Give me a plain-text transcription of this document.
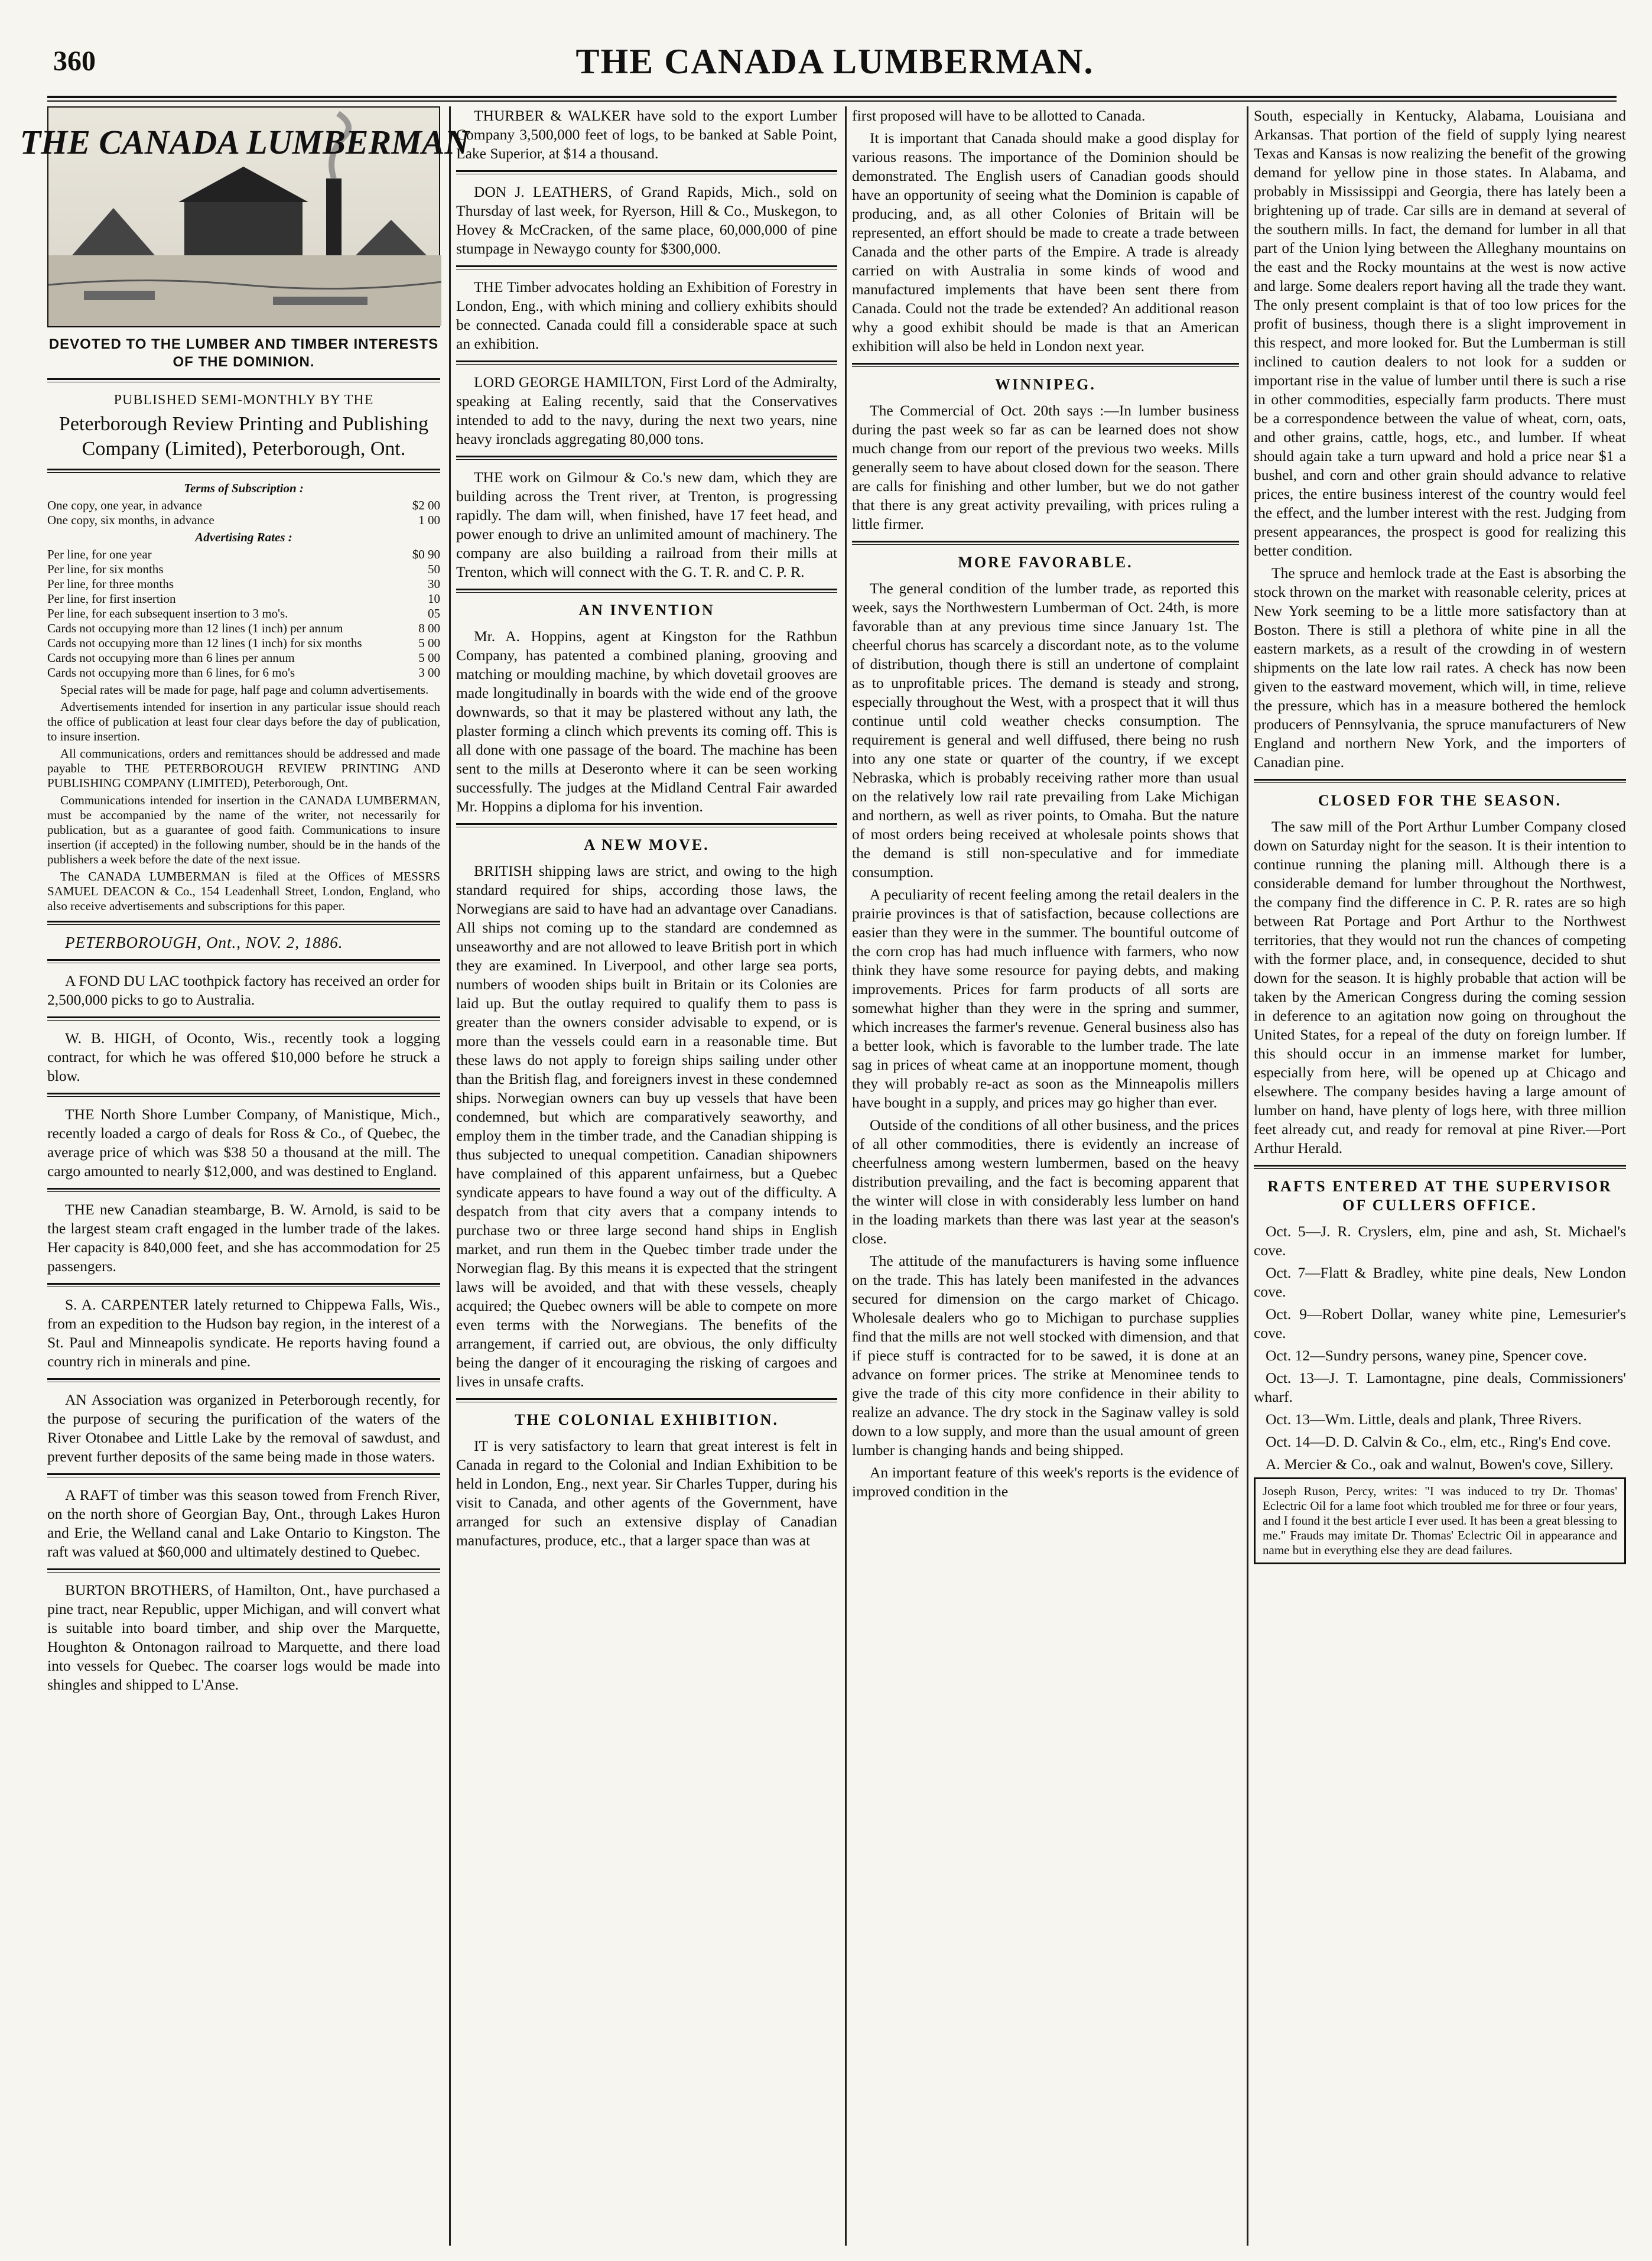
360	THE CANADA LUMBERMAN.
THE CANADA LUMBERMAN
DEVOTED TO THE LUMBER AND TIMBER INTERESTS OF THE DOMINION.
PUBLISHED SEMI-MONTHLY BY THE
Peterborough Review Printing and Publishing Company (Limited), Peterborough, Ont.
Terms of Subscription :
One copy, one year, in advance	$2 00
One copy, six months, in advance	1 00
Advertising Rates :
Per line, for one year	$0 90
Per line, for six months	50
Per line, for three months	30
Per line, for first insertion	10
Per line, for each subsequent insertion to 3 mo's.	05
Cards not occupying more than 12 lines (1 inch) per annum	8 00
Cards not occupying more than 12 lines (1 inch) for six months	5 00
Cards not occupying more than 6 lines per annum	5 00
Cards not occupying more than 6 lines, for 6 mo's	3 00
Special rates will be made for page, half page and column advertisements.
Advertisements intended for insertion in any particular issue should reach the office of publication at least four clear days before the day of publication, to insure insertion.
All communications, orders and remittances should be addressed and made payable to THE PETERBOROUGH REVIEW PRINTING AND PUBLISHING COMPANY (LIMITED), Peterborough, Ont.
Communications intended for insertion in the CANADA LUMBERMAN, must be accompanied by the name of the writer, not necessarily for publication, but as a guarantee of good faith. Communications to insure insertion (if accepted) in the following number, should be in the hands of the publishers a week before the date of the next issue.
The CANADA LUMBERMAN is filed at the Offices of MESSRS SAMUEL DEACON & Co., 154 Leadenhall Street, London, England, who also receive advertisements and subscriptions for this paper.

PETERBOROUGH, Ont., NOV. 2, 1886.

A FOND DU LAC toothpick factory has received an order for 2,500,000 picks to go to Australia.

W. B. HIGH, of Oconto, Wis., recently took a logging contract, for which he was offered $10,000 before he struck a blow.

THE North Shore Lumber Company, of Manistique, Mich., recently loaded a cargo of deals for Ross & Co., of Quebec, the average price of which was $38 50 a thousand at the mill. The cargo amounted to nearly $12,000, and was destined to England.

THE new Canadian steambarge, B. W. Arnold, is said to be the largest steam craft engaged in the lumber trade of the lakes. Her capacity is 840,000 feet, and she has accommodation for 25 passengers.

S. A. CARPENTER lately returned to Chippewa Falls, Wis., from an expedition to the Hudson bay region, in the interest of a St. Paul and Minneapolis syndicate. He reports having found a country rich in minerals and pine.

AN Association was organized in Peterborough recently, for the purpose of securing the purification of the waters of the River Otonabee and Little Lake by the removal of sawdust, and prevent further deposits of the same being made in those waters.

A RAFT of timber was this season towed from French River, on the north shore of Georgian Bay, Ont., through Lakes Huron and Erie, the Welland canal and Lake Ontario to Kingston. The raft was valued at $60,000 and ultimately destined to Quebec.

BURTON BROTHERS, of Hamilton, Ont., have purchased a pine tract, near Republic, upper Michigan, and will convert what is suitable into board timber, and ship over the Marquette, Houghton & Ontonagon railroad to Marquette, and there load into vessels for Quebec. The coarser logs would be made into shingles and shipped to L'Anse.

THURBER & WALKER have sold to the export Lumber Company 3,500,000 feet of logs, to be banked at Sable Point, Lake Superior, at $14 a thousand.

DON J. LEATHERS, of Grand Rapids, Mich., sold on Thursday of last week, for Ryerson, Hill & Co., Muskegon, to Hovey & McCracken, of the same place, 60,000,000 of pine stumpage in Newaygo county for $300,000.

THE Timber advocates holding an Exhibition of Forestry in London, Eng., with which mining and colliery exhibits should be connected. Canada could fill a considerable space at such an exhibition.

LORD GEORGE HAMILTON, First Lord of the Admiralty, speaking at Ealing recently, said that the Conservatives intended to add to the navy, during the next two years, nine heavy ironclads aggregating 80,000 tons.

THE work on Gilmour & Co.'s new dam, which they are building across the Trent river, at Trenton, is progressing rapidly. The dam will, when finished, have 17 feet head, and power enough to drive an unlimited amount of machinery. The company are also building a railroad from their mills at Trenton, which will connect with the G. T. R. and C. P. R.

AN INVENTION

Mr. A. Hoppins, agent at Kingston for the Rathbun Company, has patented a combined planing, grooving and matching or moulding machine, by which dovetail grooves are made longitudinally in boards with the wide end of the groove downwards, so that it may be plastered without any lath, the plaster forming a clinch which prevents its coming off. This is all done with one passage of the board. The machine has been sent to the mills at Deseronto where it can be seen working successfully. The judges at the Midland Central Fair awarded Mr. Hoppins a diploma for his invention.

A NEW MOVE.

BRITISH shipping laws are strict, and owing to the high standard required for ships, according those laws, the Norwegians are said to have had an advantage over Canadians. All ships not coming up to the standard are condemned as unseaworthy and are not allowed to leave British port in which they are examined. In Liverpool, and other large sea ports, numbers of wooden ships built in Britain or its Colonies are laid up. But the outlay required to qualify them to pass is greater than the owners consider advisable to expend, or is more than the vessels could earn in a reasonable time. But these laws do not apply to foreign ships sailing under other than the British flag, and foreigners invest in these condemned ships. Norwegian owners can buy up vessels that have been condemned, but which are comparatively seaworthy, and employ them in the timber trade, and the Canadian shipping is thus subjected to unequal competition. Canadian shipowners have complained of this apparent unfairness, but a Quebec syndicate appears to have found a way out of the difficulty. A despatch from that city avers that a company intends to purchase two or three large second hand ships in English market, and run them in the Quebec timber trade under the Norwegian flag. By this means it is expected that the stringent laws will be avoided, and that with these vessels, cheaply acquired; the Quebec owners will be able to compete on more even terms with the Norwegians. The benefits of the arrangement, if carried out, are obvious, the only difficulty being the danger of it encouraging the risking of cargoes and lives in unsafe crafts.

THE COLONIAL EXHIBITION.

IT is very satisfactory to learn that great interest is felt in Canada in regard to the Colonial and Indian Exhibition to be held in London, Eng., next year. Sir Charles Tupper, during his visit to Canada, and other agents of the Government, have arranged for such an extensive display of Canadian manufactures, produce, etc., that a larger space than was at

first proposed will have to be allotted to Canada.

It is important that Canada should make a good display for various reasons. The importance of the Dominion should be demonstrated. The English users of Canadian goods should have an opportunity of seeing what the Dominion is capable of producing, and, as all other Colonies of Britain will be represented, an effort should be made to create a trade between Canada and the other parts of the Empire. A trade is already carried on with Australia in some kinds of wood and manufactured implements that have been sent there from Canada. Could not the trade be extended? An additional reason why a good exhibit should be made is that an American exhibition will also be held in London next year.

WINNIPEG.

The Commercial of Oct. 20th says :—In lumber business during the past week so far as can be learned does not show much change from our report of the previous two weeks. Mills generally seem to have about closed down for the season. There are calls for finishing and other lumber, but we do not gather that there is any great activity prevailing, with prices ruling a little firmer.

MORE FAVORABLE.

The general condition of the lumber trade, as reported this week, says the Northwestern Lumberman of Oct. 24th, is more favorable than at any previous time since January 1st. The cheerful chorus has scarcely a discordant note, as to the volume of distribution, though there is still an undertone of complaint as to unprofitable prices. The demand is steady and strong, especially throughout the West, with a prospect that it will thus continue until cold weather checks consumption. The requirement is general and well diffused, there being no rush into any one state or quarter of the country, if we except Nebraska, which is probably receiving rather more than usual on the relatively low rail rate prevailing from Lake Michigan and northern, as well as river points, to Omaha. But the nature of most orders being received at wholesale points shows that the demand is still non-speculative and for immediate consumption.

A peculiarity of recent feeling among the retail dealers in the prairie provinces is that of satisfaction, because collections are easier than they were in the summer. The bountiful outcome of the corn crop has had much influence with farmers, who now think they have some resource for paying debts, and making improvements. Prices for farm products of all sorts are somewhat higher than they were in the spring and summer, which increases the farmer's revenue. General business also has a better look, which is favorable to the lumber trade. The late sag in prices of wheat came at an inopportune moment, though they will probably re-act as soon as the Minneapolis millers have bought in a supply, and prices may go higher than ever.

Outside of the conditions of all other business, and the prices of all other commodities, there is evidently an increase of cheerfulness among western lumbermen, based on the heavy distribution prevailing, and the fact is becoming apparent that the winter will close in with considerably less lumber on hand in the loading markets than there was last year at the season's close.

The attitude of the manufacturers is having some influence on the trade. This has lately been manifested in the advances secured for dimension on the cargo market of Chicago. Wholesale dealers who go to Michigan to purchase supplies find that the mills are not well stocked with dimension, and that if piece stuff is contracted for to be sawed, it is done at an advance on former prices. The strike at Menominee tends to give the trade of this city more confidence in their ability to realize an advance. The dry stock in the Saginaw valley is sold down to a low supply, and more than the usual amount of green lumber is changing hands and being shipped.

An important feature of this week's reports is the evidence of improved condition in the

South, especially in Kentucky, Alabama, Louisiana and Arkansas. That portion of the field of supply lying nearest Texas and Kansas is now realizing the benefit of the growing demand for yellow pine in those states. In Alabama, and probably in Mississippi and Georgia, there has lately been a brightening up of trade. Car sills are in demand at several of the southern mills. In fact, the demand for lumber in all that part of the Union lying between the Alleghany mountains on the east and the Rocky mountains at the west is now active and large. Some dealers report having all the trade they want. The only present complaint is that of too low prices for the profit of business, though there is a slight improvement in this respect, and more looked for. But the Lumberman is still inclined to caution dealers to not look for a sudden or important rise in the value of lumber until there is such a rise in other commodities, especially farm products. There must be a correspondence between the value of wheat, corn, oats, and other grains, cattle, hogs, etc., and lumber. If wheat should again take a turn upward and hold a price near $1 a bushel, and corn and other grain should advance to relative prices, the entire business interest of the country would feel the effect, and the lumber interest with the rest. Judging from present appearances, the prospect is good for realizing this better condition.

The spruce and hemlock trade at the East is absorbing the stock thrown on the market with reasonable celerity, prices at New York seeming to be a little more satisfactory than at Boston. There is still a plethora of white pine in all the eastern markets, as a result of the crowding in of western shipments on the late low rail rates. A check has now been given to the eastward movement, which will, in time, relieve the pressure, which has in a measure bothered the hemlock producers of Pennsylvania, the spruce manufacturers of New England and northern New York, and the importers of Canadian pine.

CLOSED FOR THE SEASON.

The saw mill of the Port Arthur Lumber Company closed down on Saturday night for the season. It is their intention to continue running the planing mill. Although there is a considerable demand for lumber throughout the Northwest, the company find the difference in C. P. R. rates are so high between Rat Portage and Port Arthur to the Northwest territories, that they would not run the chances of competing with the former place, and, in consequence, decided to shut down for the season. It is highly probable that action will be taken by the American Congress during the coming session in deference to an agitation now going on throughout the United States, for a repeal of the duty on foreign lumber. If this should occur in an immense market for lumber, especially from here, will be opened up at Chicago and elsewhere. The company besides having a large amount of lumber on hand, have plenty of logs here, with three million feet already cut, and ready for removal at pine River.—Port Arthur Herald.

RAFTS ENTERED AT THE SUPERVISOR OF CULLERS OFFICE.

Oct. 5—J. R. Cryslers, elm, pine and ash, St. Michael's cove.

Oct. 7—Flatt & Bradley, white pine deals, New London cove.

Oct. 9—Robert Dollar, waney white pine, Lemesurier's cove.

Oct. 12—Sundry persons, waney pine, Spencer cove.

Oct. 13—J. T. Lamontagne, pine deals, Commissioners' wharf.

Oct. 13—Wm. Little, deals and plank, Three Rivers.

Oct. 14—D. D. Calvin & Co., elm, etc., Ring's End cove.

A. Mercier & Co., oak and walnut, Bowen's cove, Sillery.

Joseph Ruson, Percy, writes: "I was induced to try Dr. Thomas' Eclectric Oil for a lame foot which troubled me for three or four years, and I found it the best article I ever used. It has been a great blessing to me." Frauds may imitate Dr. Thomas' Eclectric Oil in appearance and name but in everything else they are dead failures.
